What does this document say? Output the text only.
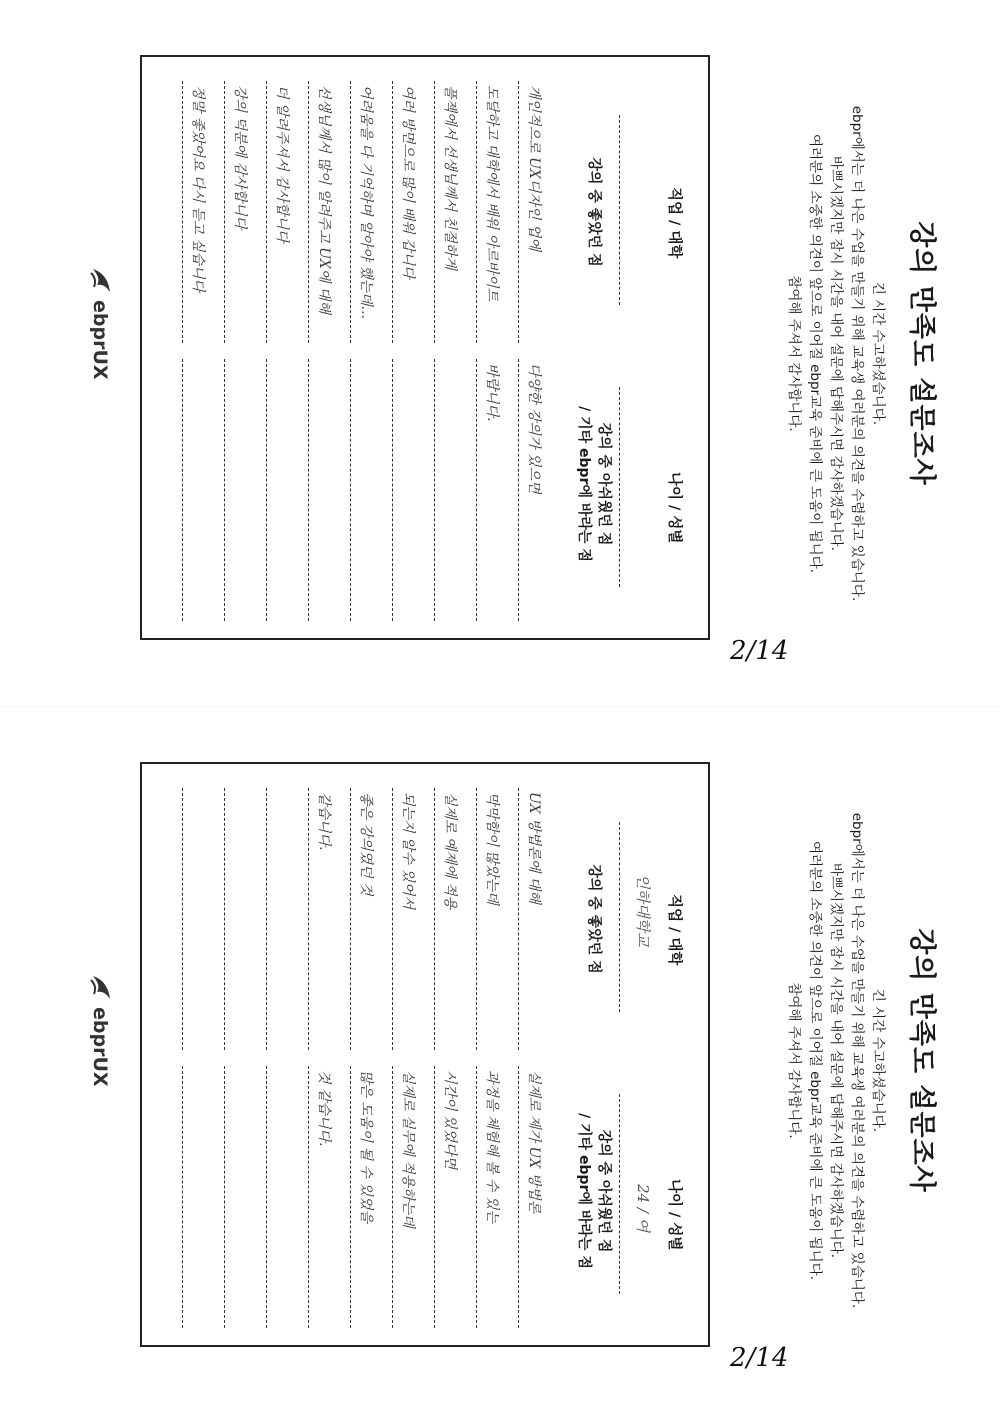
강의 만족도 설문조사
긴 시간 수고하셨습니다.
ebpr에서는 더 나은 수업을 만들기 위해 교육생 여러분의 의견을 수렴하고 있습니다.
바쁘시겠지만 잠시 시간을 내어 설문에 답해주시면 감사하겠습니다.
여러분의 소중한 의견이 앞으로 이어질 ebpr교육 준비에 큰 도움이 됩니다.
참여해 주셔서 감사합니다.
직업 / 대학
나이 / 성별
강의 중 좋았던 점
강의 중 아쉬웠던 점
/ 기타 ebpr에 바라는 점
개인적으로 UX디자인 업에
도달하고 대학에서 배워 아르바이트
플젝에서 선생님께서 친절하게
여러 방면으로 많이 배워 갑니다
어려움을 다 기억하며 알아야 했는데...
선생님께서 많이 알려주고 UX에 대해
더 알려주셔서 감사합니다
강의 덕분에 감사합니다
정말 좋았어요 다시 듣고 싶습니다
다양한 강의가 있으면
바랍니다.
ebprUX
2/14
강의 만족도 설문조사
긴 시간 수고하셨습니다.
ebpr에서는 더 나은 수업을 만들기 위해 교육생 여러분의 의견을 수렴하고 있습니다.
바쁘시겠지만 잠시 시간을 내어 설문에 답해주시면 감사하겠습니다.
여러분의 소중한 의견이 앞으로 이어질 ebpr교육 준비에 큰 도움이 됩니다.
참여해 주셔서 감사합니다.
직업 / 대학
나이 / 성별
인하대학교
24 / 여
강의 중 좋았던 점
강의 중 아쉬웠던 점
/ 기타 ebpr에 바라는 점
UX 방법론에 대해
막막함이 많았는데
실제로 예제에 적용
되는지 알수 있어서
좋은 강의였던 것
같습니다.
실제로 제가 UX 방법론
과정을 체험해 볼 수 있는
시간이 있었다면
실제로 실무에 적용하는데
많은 도움이 될 수 있었을
것 같습니다.
ebprUX
2/14
